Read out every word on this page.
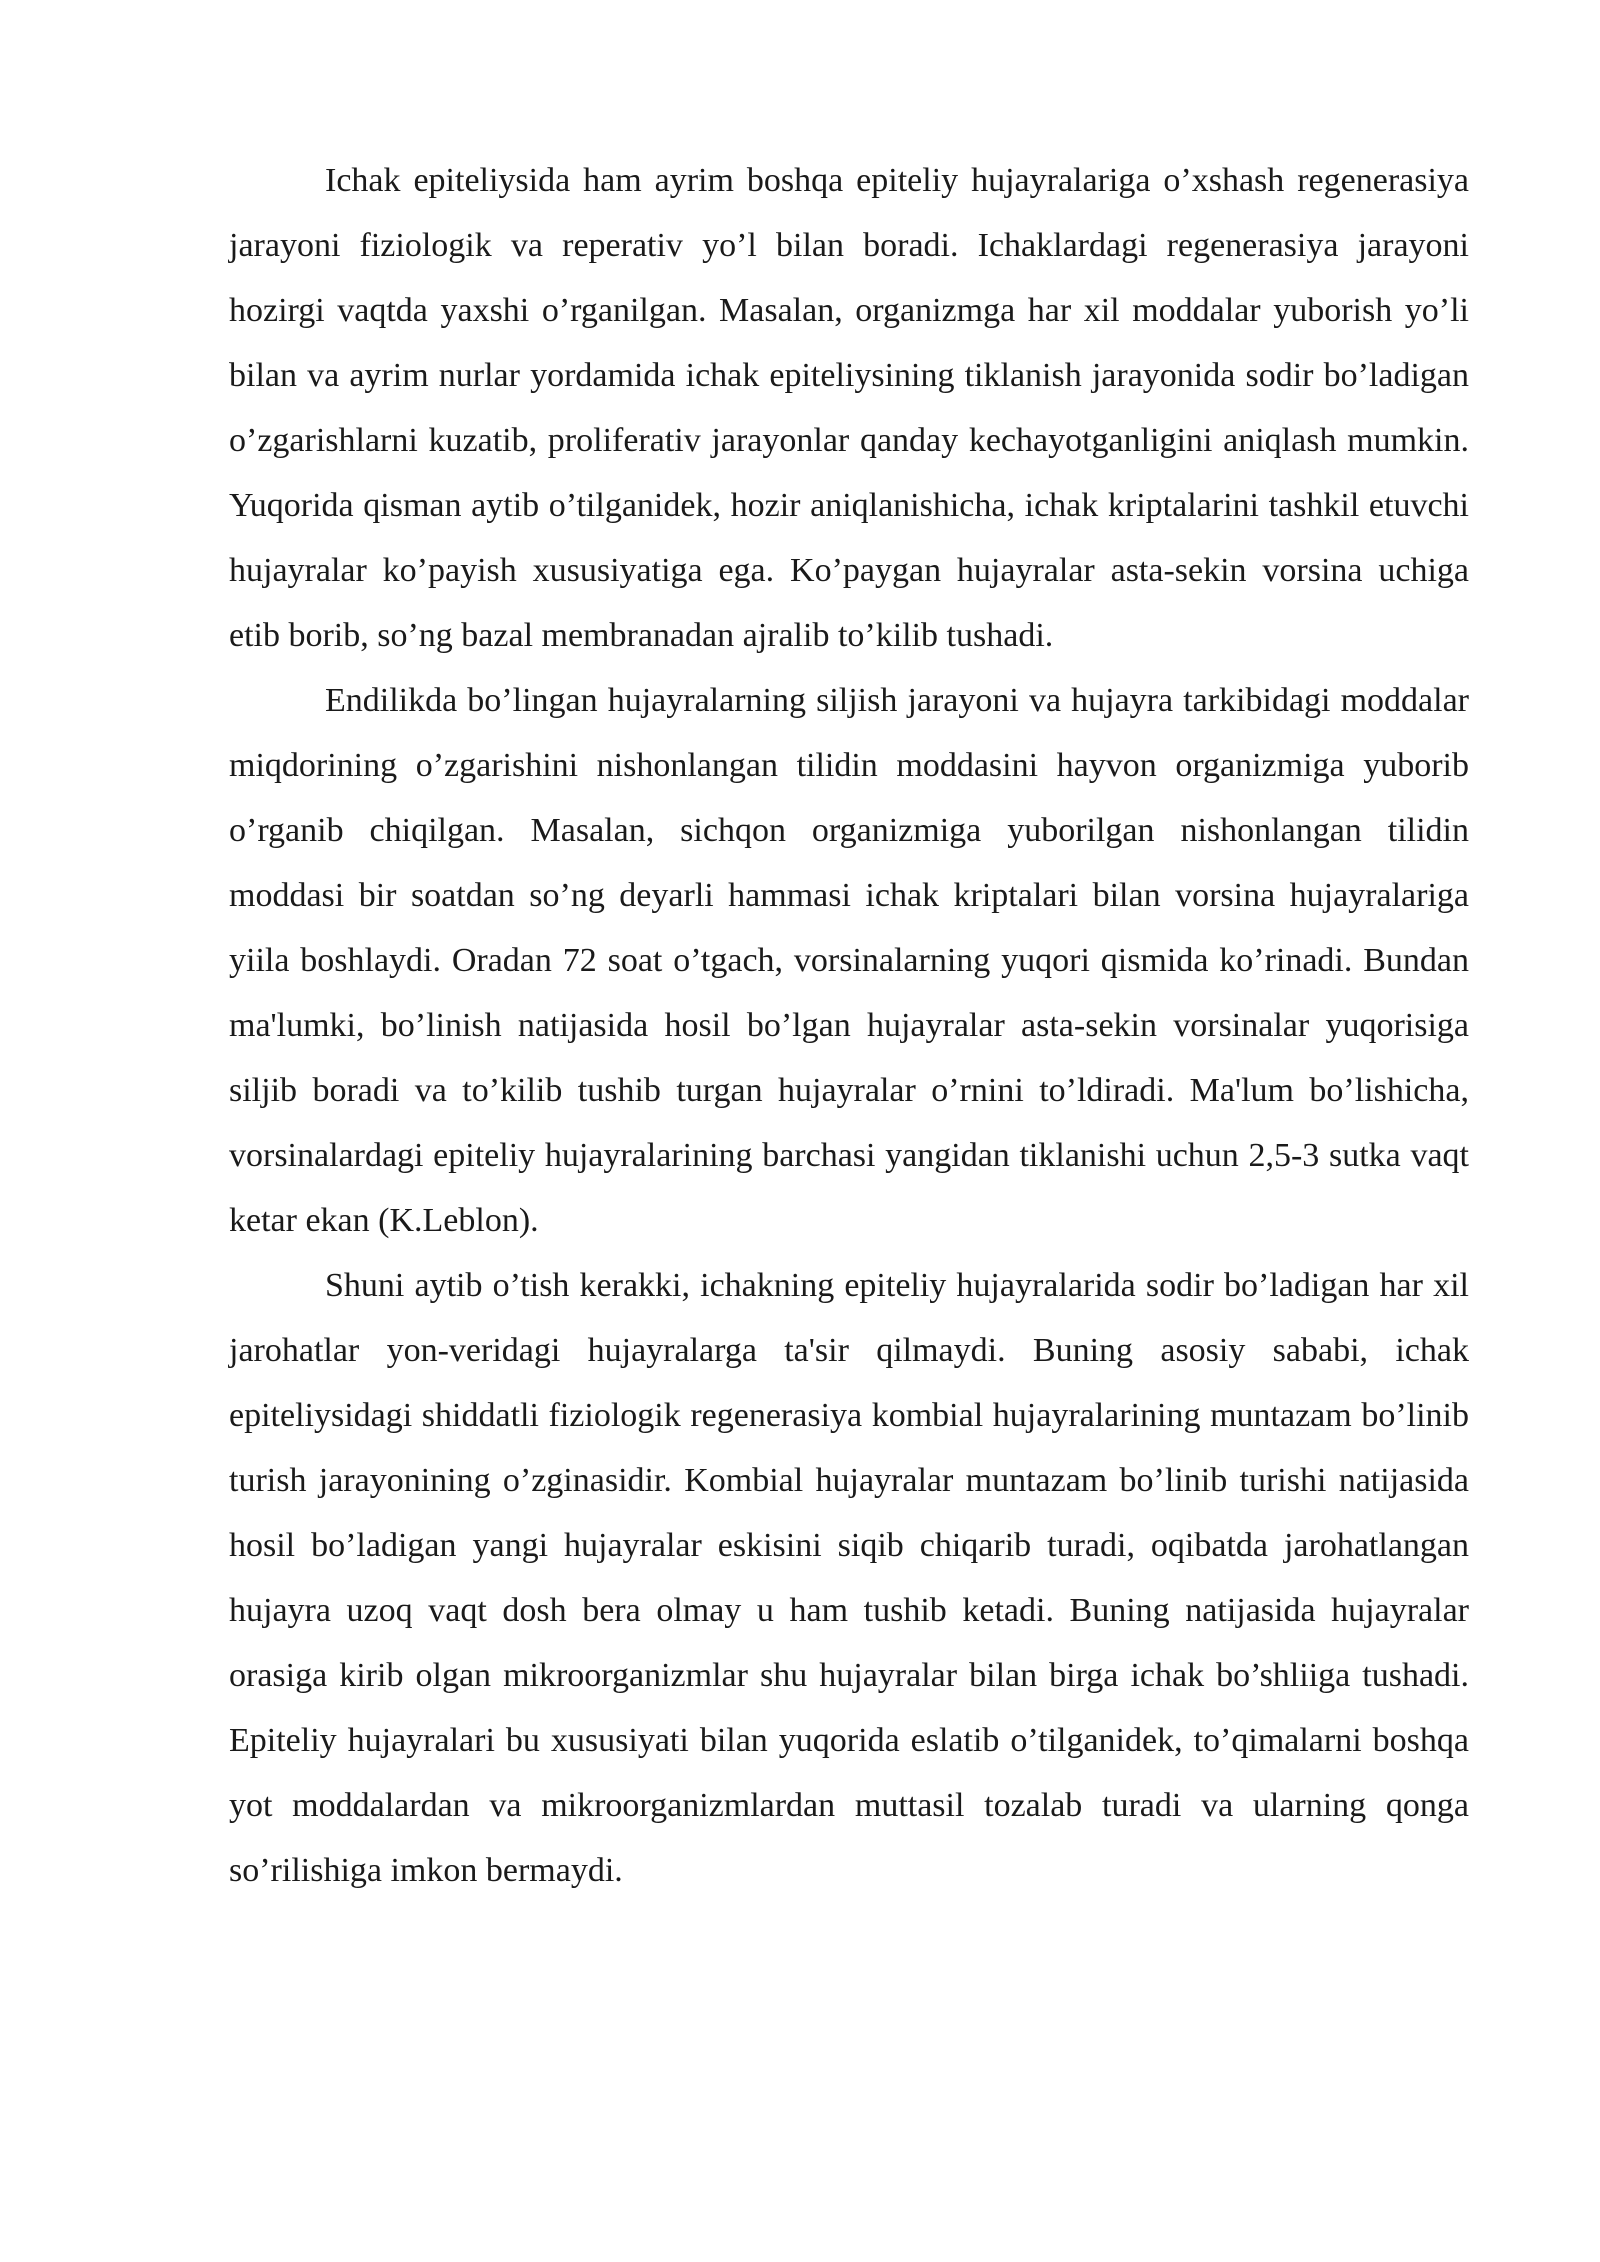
Ichak epiteliysida ham ayrim boshqa epiteliy hujayralariga o’xshash regenerasiya jarayoni fiziologik va reperativ yo’l bilan boradi. Ichaklardagi regenerasiya jarayoni hozirgi vaqtda yaxshi o’rganilgan. Masalan, organizmga har xil moddalar yuborish yo’li bilan va ayrim nurlar yordamida ichak epiteliysining tiklanish jarayonida sodir bo’ladigan o’zgarishlarni kuzatib, proliferativ jarayonlar qanday kechayotganligini aniqlash mumkin. Yuqorida qisman aytib o’tilganidek, hozir aniqlanishicha, ichak kriptalarini tashkil etuvchi hujayralar ko’payish xususiyatiga ega. Ko’paygan hujayralar asta-sekin vorsina uchiga etib borib, so’ng bazal membranadan ajralib to’kilib tushadi.

Endilikda bo’lingan hujayralarning siljish jarayoni va hujayra tarkibidagi moddalar miqdorining o’zgarishini nishonlangan tilidin moddasini hayvon organizmiga yuborib o’rganib chiqilgan. Masalan, sichqon organizmiga yuborilgan nishonlangan tilidin moddasi bir soatdan so’ng deyarli hammasi ichak kriptalari bilan vorsina hujayralariga yiila boshlaydi. Oradan 72 soat o’tgach, vorsinalarning yuqori qismida ko’rinadi. Bundan ma'lumki, bo’linish natijasida hosil bo’lgan hujayralar asta-sekin vorsinalar yuqorisiga siljib boradi va to’kilib tushib turgan hujayralar o’rnini to’ldiradi. Ma'lum bo’lishicha, vorsinalardagi epiteliy hujayralarining barchasi yangidan tiklanishi uchun 2,5-3 sutka vaqt ketar ekan (K.Leblon).

Shuni aytib o’tish kerakki, ichakning epiteliy hujayralarida sodir bo’ladigan har xil jarohatlar yon-veridagi hujayralarga ta'sir qilmaydi. Buning asosiy sababi, ichak epiteliysidagi shiddatli fiziologik regenerasiya kombial hujayralarining muntazam bo’linib turish jarayonining o’zginasidir. Kombial hujayralar muntazam bo’linib turishi natijasida hosil bo’ladigan yangi hujayralar eskisini siqib chiqarib turadi, oqibatda jarohatlangan hujayra uzoq vaqt dosh bera olmay u ham tushib ketadi. Buning natijasida hujayralar orasiga kirib olgan mikroorganizmlar shu hujayralar bilan birga ichak bo’shliiga tushadi. Epiteliy hujayralari bu xususiyati bilan yuqorida eslatib o’tilganidek, to’qimalarni boshqa yot moddalardan va mikroorganizmlardan muttasil tozalab turadi va ularning qonga so’rilishiga imkon bermaydi.
